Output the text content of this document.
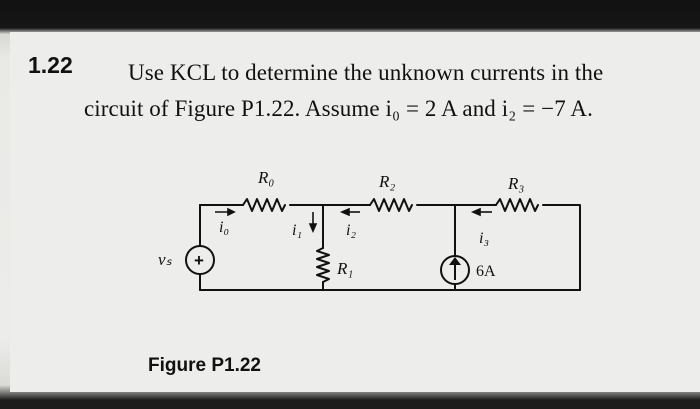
1.22 Use KCL to determine the unknown currents in the
circuit of Figure P1.22. Assume i₀ = 2 A and i₂ = −7 A.
+
R₀	R₂	R₃
R₁
vₛ
i₀	i₁	i₂	i₃
6A
Figure P1.22
